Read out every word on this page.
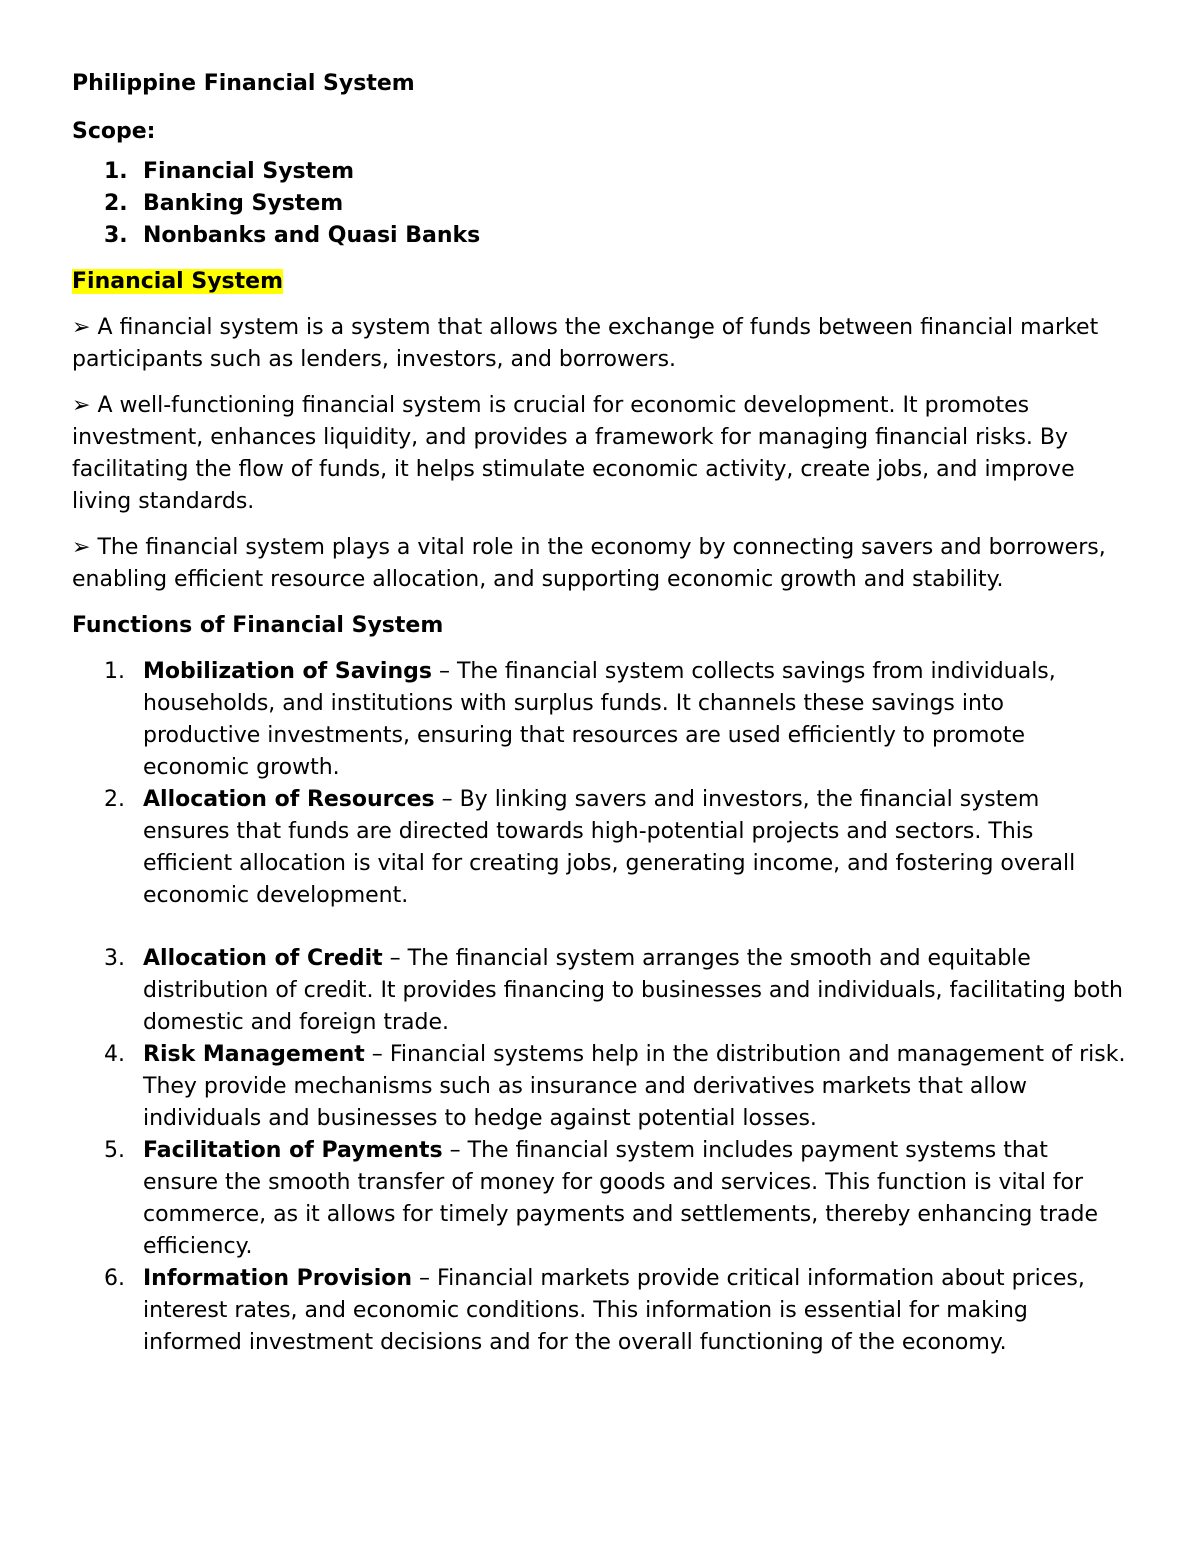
Philippine Financial System
Scope:
1. Financial System
2. Banking System
3. Nonbanks and Quasi Banks
Financial System

➢ A financial system is a system that allows the exchange of funds between financial market participants such as lenders, investors, and borrowers.

➢ A well-functioning financial system is crucial for economic development. It promotes investment, enhances liquidity, and provides a framework for managing financial risks. By facilitating the flow of funds, it helps stimulate economic activity, create jobs, and improve living standards.

➢ The financial system plays a vital role in the economy by connecting savers and borrowers, enabling efficient resource allocation, and supporting economic growth and stability.

Functions of Financial System
1. Mobilization of Savings – The financial system collects savings from individuals, households, and institutions with surplus funds. It channels these savings into productive investments, ensuring that resources are used efficiently to promote economic growth.
2. Allocation of Resources – By linking savers and investors, the financial system ensures that funds are directed towards high-potential projects and sectors. This efficient allocation is vital for creating jobs, generating income, and fostering overall economic development.
3. Allocation of Credit – The financial system arranges the smooth and equitable distribution of credit. It provides financing to businesses and individuals, facilitating both domestic and foreign trade.
4. Risk Management – Financial systems help in the distribution and management of risk. They provide mechanisms such as insurance and derivatives markets that allow individuals and businesses to hedge against potential losses.
5. Facilitation of Payments – The financial system includes payment systems that ensure the smooth transfer of money for goods and services. This function is vital for commerce, as it allows for timely payments and settlements, thereby enhancing trade efficiency.
6. Information Provision – Financial markets provide critical information about prices, interest rates, and economic conditions. This information is essential for making informed investment decisions and for the overall functioning of the economy.
